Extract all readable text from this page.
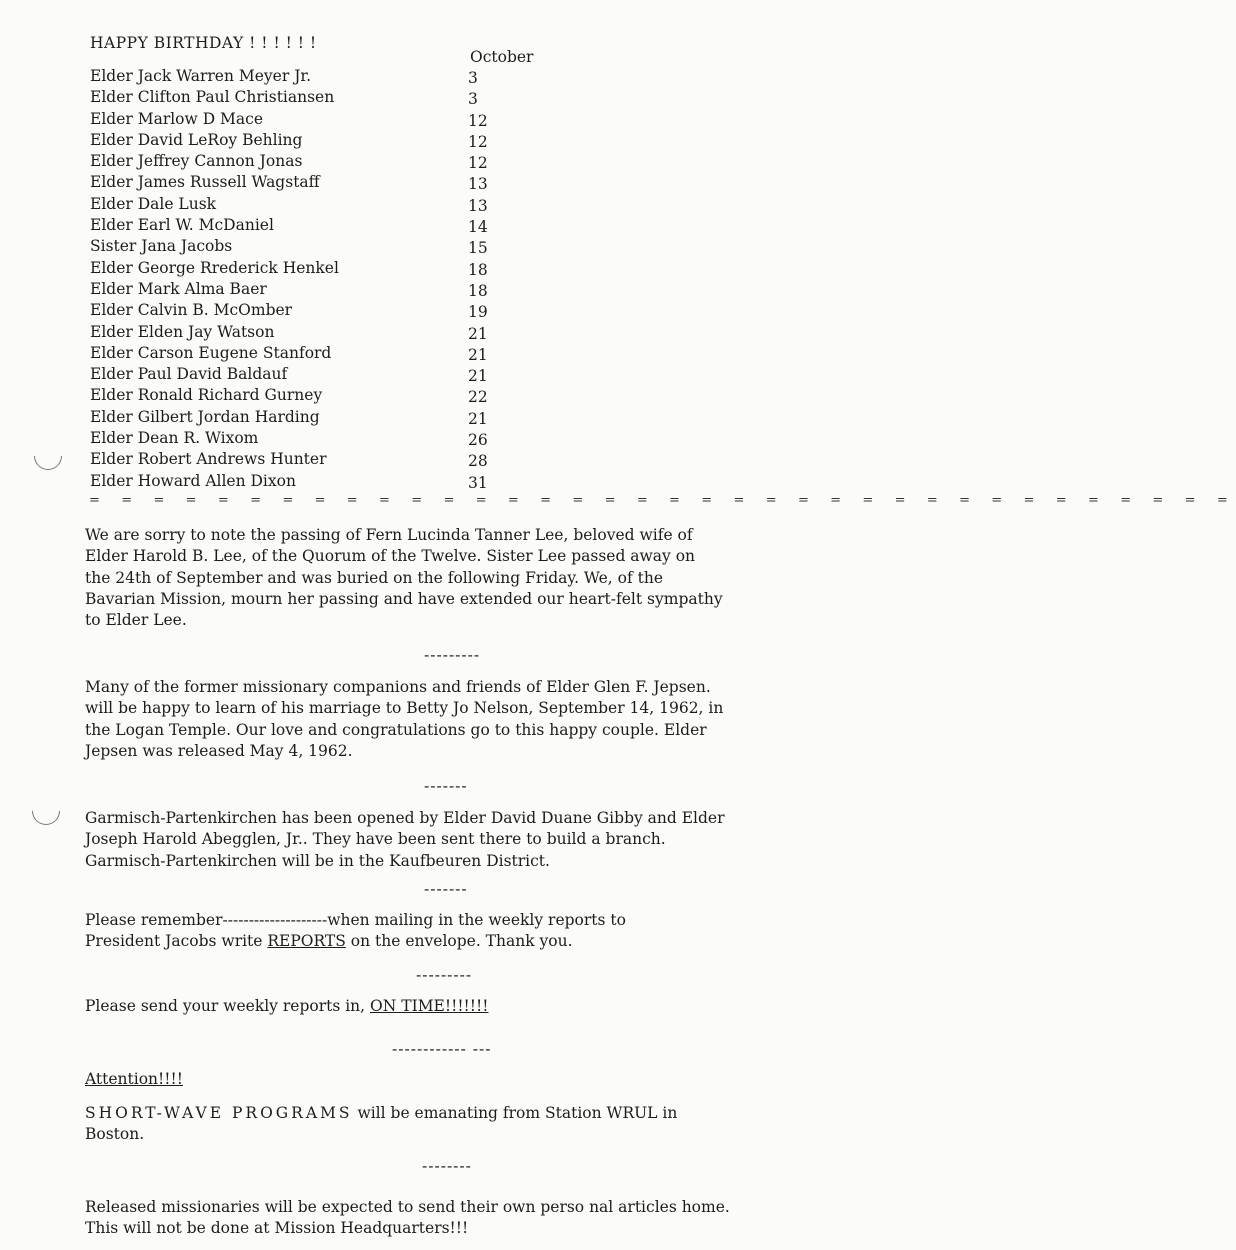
HAPPY BIRTHDAY ! ! ! ! ! !
October
Elder Jack Warren Meyer Jr.	3
Elder Clifton Paul Christiansen	3
Elder Marlow D Mace	12
Elder David LeRoy Behling	12
Elder Jeffrey Cannon Jonas	12
Elder James Russell Wagstaff	13
Elder Dale Lusk	13
Elder Earl W. McDaniel	14
Sister Jana Jacobs	15
Elder George Rrederick Henkel	18
Elder Mark Alma Baer	18
Elder Calvin B. McOmber	19
Elder Elden Jay Watson	21
Elder Carson Eugene Stanford	21
Elder Paul David Baldauf	21
Elder Ronald Richard Gurney	22
Elder Gilbert Jordan Harding	21
Elder Dean R. Wixom	26
Elder Robert Andrews Hunter	28
Elder Howard Allen Dixon	31
= = = = = = = = = = = = = = = = = = = = = = = = = = = = = = = = = = = =
We are sorry to note the passing of Fern Lucinda Tanner Lee, beloved wife of
Elder Harold B. Lee, of the Quorum of the Twelve. Sister Lee passed away on
the 24th of September and was buried on the following Friday. We, of the
Bavarian Mission, mourn her passing and have extended our heart-felt sympathy
to Elder Lee.
---------
Many of the former missionary companions and friends of Elder Glen F. Jepsen.
will be happy to learn of his marriage to Betty Jo Nelson, September 14, 1962, in
the Logan Temple. Our love and congratulations go to this happy couple. Elder
Jepsen was released May 4, 1962.
-------
Garmisch-Partenkirchen has been opened by Elder David Duane Gibby and Elder
Joseph Harold Abegglen, Jr.. They have been sent there to build a branch.
Garmisch-Partenkirchen will be in the Kaufbeuren District.
-------
Please remember--------------------when mailing in the weekly reports to
President Jacobs write REPORTS on the envelope. Thank you.
---------
Please send your weekly reports in, ON TIME!!!!!!!
------------ ---
Attention!!!!
SHORT-WAVE PROGRAMS will be emanating from Station WRUL in
Boston.
--------
Released missionaries will be expected to send their own perso nal articles home.
This will not be done at Mission Headquarters!!!
